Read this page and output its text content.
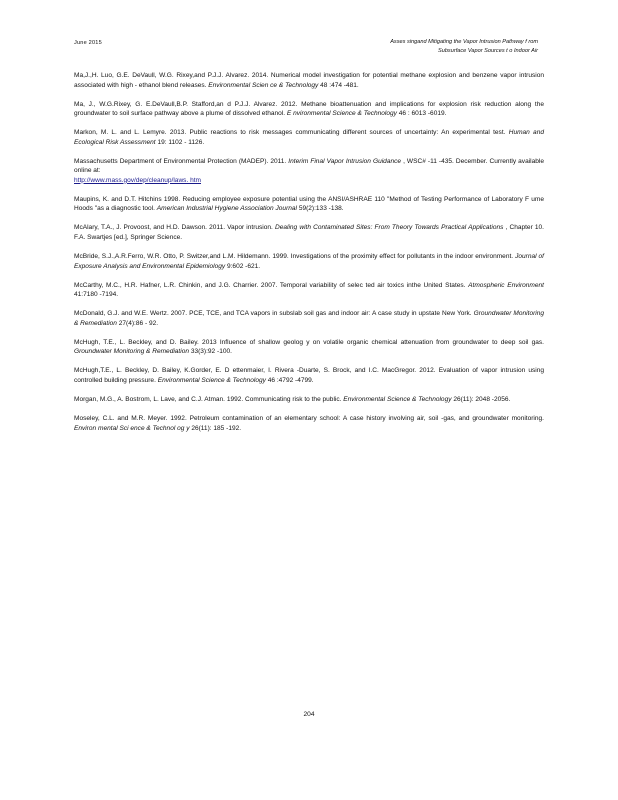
June 2015	Asses singand Mitigating the Vapor Intrusion Pathway f rom
Subsurface Vapor Sources t o Indoor Air

Ma,J.,H. Luo, G.E. DeVaull, W.G. Rixey,and P.J.J. Alvarez. 2014. Numerical model investigation for potential methane explosion and benzene vapor intrusion associated with high - ethanol blend releases. Environmental Scien ce & Technology 48 :474 -481.

Ma, J., W.G.Rixey, G. E.DeVaull,B.P. Stafford,an d P.J.J. Alvarez. 2012. Methane bioattenuation and implications for explosion risk reduction along the groundwater to soil surface pathway above a plume of dissolved ethanol. E nvironmental Science & Technology 46 : 6013 -6019.

Markon, M. L. and L. Lemyre. 2013. Public reactions to risk messages communicating different sources of uncertainty: An experimental test. Human and Ecological Risk Assessment 19: 1102 - 1126.

Massachusetts Department of Environmental Protection (MADEP). 2011. Interim Final Vapor Intrusion Guidance , WSC# -11 -435. December. Currently available online at:
http://www.mass.gov/dep/cleanup/laws. htm

Maupins, K. and D.T. Hitchins 1998. Reducing employee exposure potential using the ANSI/ASHRAE 110 "Method of Testing Performance of Laboratory F ume Hoods "as a diagnostic tool. American Industrial Hygiene Association Journal 59(2):133 -138.

McAlary, T.A., J. Provoost, and H.D. Dawson. 2011. Vapor intrusion. Dealing with Contaminated Sites: From Theory Towards Practical Applications , Chapter 10. F.A. Swartjes [ed.], Springer Science.

McBride, S.J.,A.R.Ferro, W.R. Otto, P. Switzer,and L.M. Hildemann. 1999. Investigations of the proximity effect for pollutants in the indoor environment. Journal of Exposure Analysis and Environmental Epidemiology 9:602 -621.

McCarthy, M.C., H.R. Hafner, L.R. Chinkin, and J.G. Charrier. 2007. Temporal variability of selec ted air toxics inthe United States. Atmospheric Environment 41:7180 -7194.

McDonald, G.J. and W.E. Wertz. 2007. PCE, TCE, and TCA vapors in subslab soil gas and indoor air: A case study in upstate New York. Groundwater Monitoring & Remediation 27(4):86 - 92.

McHugh, T.E., L. Beckley, and D. Bailey. 2013 Influence of shallow geolog y on volatile organic chemical attenuation from groundwater to deep soil gas. Groundwater Monitoring & Remediation 33(3):92 -100.

McHugh,T.E., L. Beckley, D. Bailey, K.Gorder, E. D ettenmaier, I. Rivera -Duarte, S. Brock, and I.C. MacGregor. 2012. Evaluation of vapor intrusion using controlled building pressure. Environmental Science & Technology 46 :4792 -4799.

Morgan, M.G., A. Bostrom, L. Lave, and C.J. Atman. 1992. Communicating risk to the public. Environmental Science & Technology 26(11): 2048 -2056.

Moseley, C.L. and M.R. Meyer. 1992. Petroleum contamination of an elementary school: A case history involving air, soil -gas, and groundwater monitoring. Environ mental Sci ence & Technol og y 26(11): 185 -192.

204
